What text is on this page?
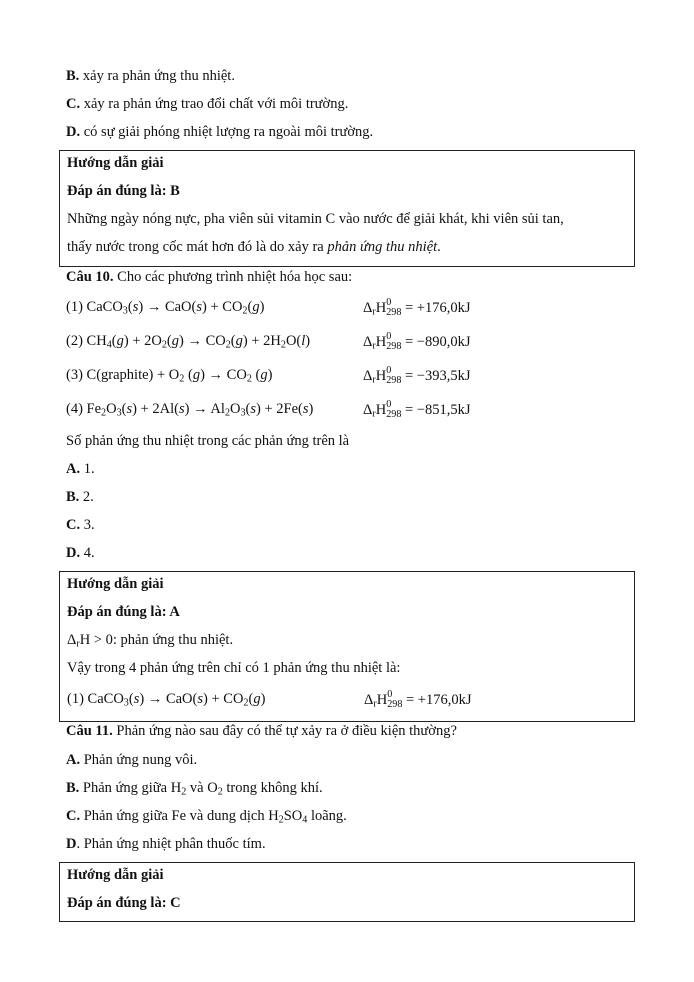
B. xảy ra phản ứng thu nhiệt.
C. xảy ra phản ứng trao đổi chất với môi trường.
D. có sự giải phóng nhiệt lượng ra ngoài môi trường.
Hướng dẫn giải
Đáp án đúng là: B
Những ngày nóng nực, pha viên sủi vitamin C vào nước để giải khát, khi viên sủi tan,
thấy nước trong cốc mát hơn đó là do xảy ra phản ứng thu nhiệt.
Câu 10. Cho các phương trình nhiệt hóa học sau:
(1) CaCO$_3$(s) → $CaO(s) + CO_2(g)$	$\Delta_rH$ 0
298 = +176,0kJ
(2) $CH_4(g) + 2O_2(g) \to CO_2(g) + 2H_2O(l)$	$\Delta_rH$ 0
298 = −890,0kJ
(3) C(graphite) + $O_2$ $(g) \to CO_2$ (g)	$\Delta_rH$ 0
298 = −393,5kJ
(4) $Fe_2O_3(s) + 2Al(s) \to Al_2O_3(s) + 2Fe(s)$	$\Delta_rH$ 0
298 = −851,5kJ
Số phản ứng thu nhiệt trong các phản ứng trên là
A. 1.
B. 2.
C. 3.
D. 4.
Hướng dẫn giải
Đáp án đúng là: A
$\Delta_rH > 0$: phản ứng thu nhiệt.
Vậy trong 4 phản ứng trên chỉ có 1 phản ứng thu nhiệt là:
(1) CaCO$_3$(s) → $CaO(s) + CO_2(g)$	$\Delta_rH$ 0
298 = +176,0kJ
Câu 11. Phản ứng nào sau đây có thể tự xảy ra ở điều kiện thường?
A. Phản ứng nung vôi.
B. Phản ứng giữa $H_2$ và $O_2$ trong không khí.
C. Phản ứng giữa Fe và dung dịch $H_2SO_4$ loãng.
D. Phản ứng nhiệt phân thuốc tím.
Hướng dẫn giải
Đáp án đúng là: C
